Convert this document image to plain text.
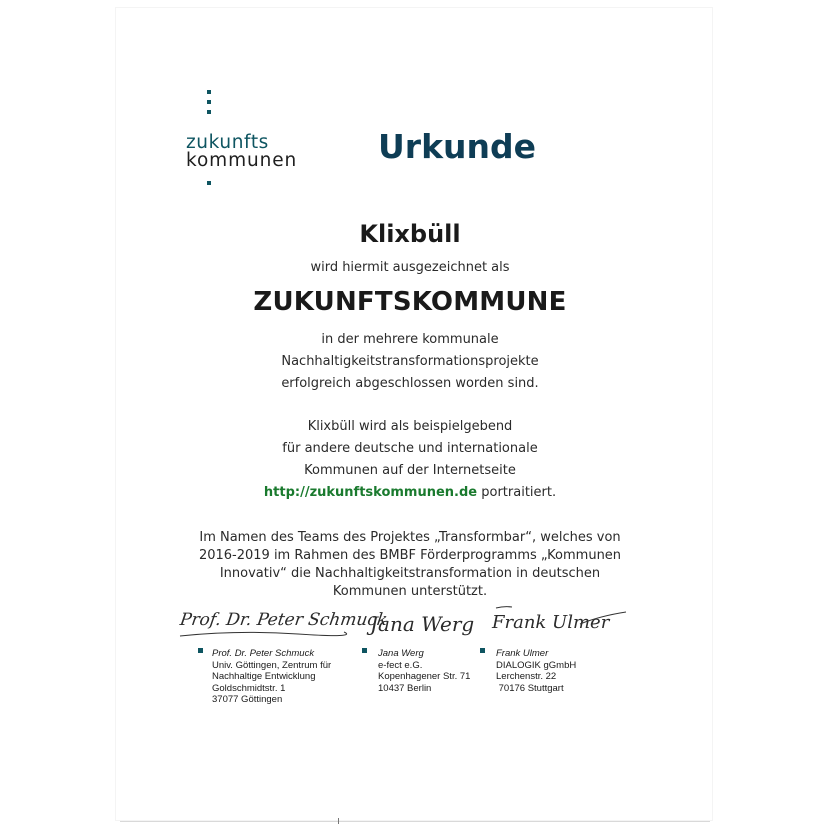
zukunfts
kommunen Urkunde
Klixbüll
wird hiermit ausgezeichnet als
ZUKUNFTSKOMMUNE
in der mehrere kommunale
Nachhaltigkeitstransformationsprojekte
erfolgreich abgeschlossen worden sind.
Klixbüll wird als beispielgebend
für andere deutsche und internationale
Kommunen auf der Internetseite
http://zukunftskommunen.de portraitiert.
Im Namen des Teams des Projektes „Transformbar“, welches von
2016-2019 im Rahmen des BMBF Förderprogramms „Kommunen
Innovativ“ die Nachhaltigkeitstransformation in deutschen
Kommunen unterstützt.
Prof. Dr. Peter Schmuck
Jana Werg Frank Ulmer
Prof. Dr. Peter Schmuck
Univ. Göttingen, Zentrum für
Nachhaltige Entwicklung
Goldschmidtstr. 1
37077 Göttingen
Jana Werg
e-fect e.G.
Kopenhagener Str. 71
10437 Berlin
Frank Ulmer
DIALOGIK gGmbH
Lerchenstr. 22
70176 Stuttgart
